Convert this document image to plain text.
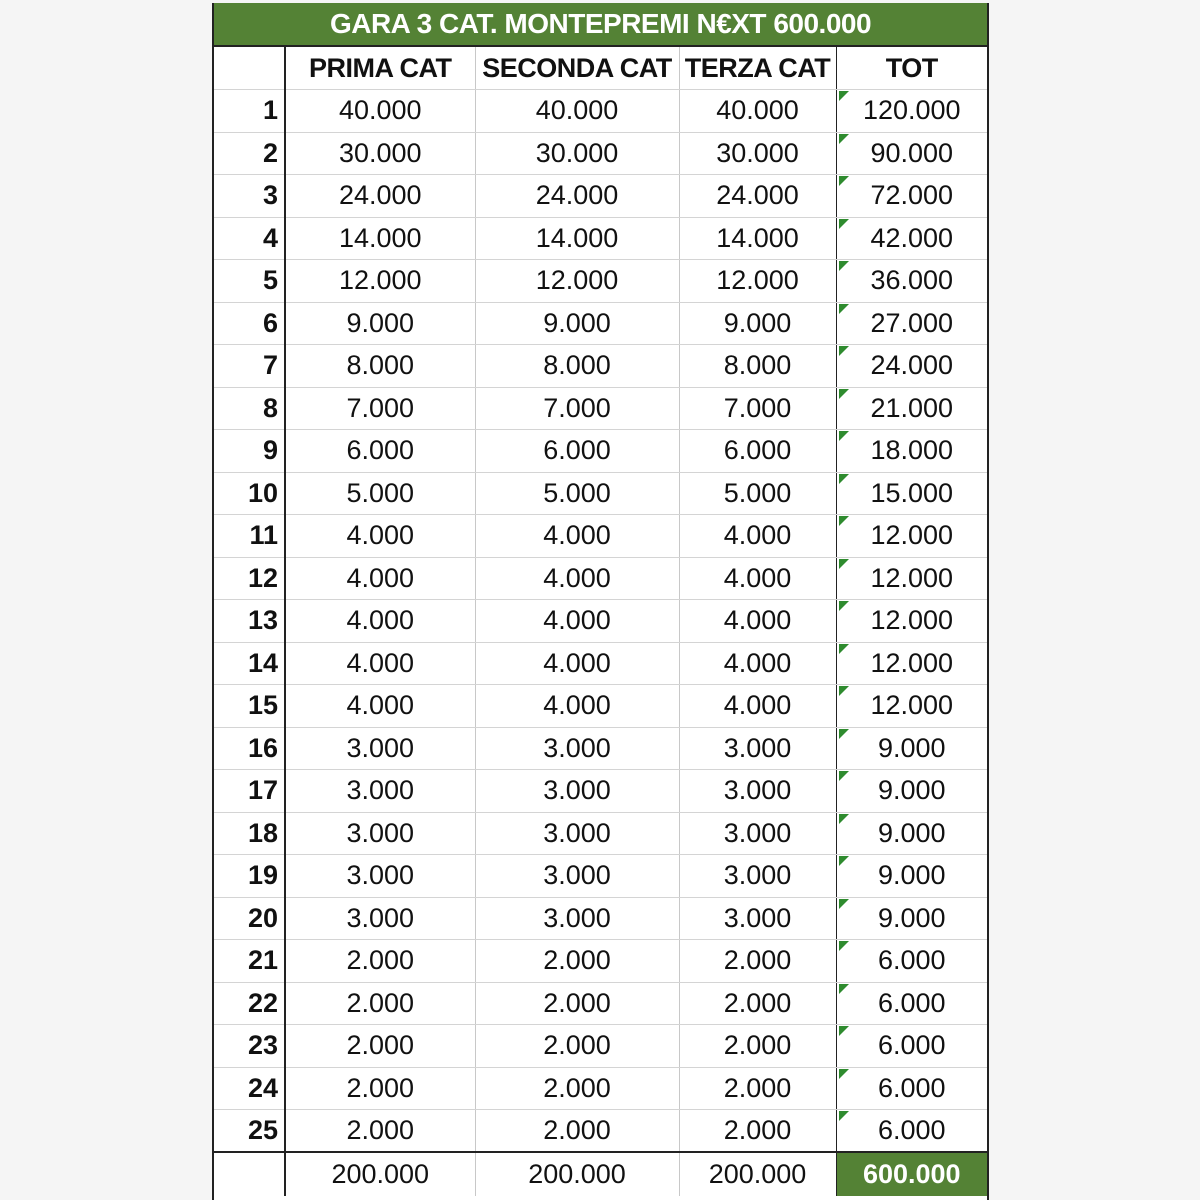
GARA 3 CAT. MONTEPREMI N€XT 600.000
	PRIMA CAT	SECONDA CAT	TERZA CAT	TOT
1	40.000	40.000	40.000	120.000
2	30.000	30.000	30.000	90.000
3	24.000	24.000	24.000	72.000
4	14.000	14.000	14.000	42.000
5	12.000	12.000	12.000	36.000
6	9.000	9.000	9.000	27.000
7	8.000	8.000	8.000	24.000
8	7.000	7.000	7.000	21.000
9	6.000	6.000	6.000	18.000
10	5.000	5.000	5.000	15.000
11	4.000	4.000	4.000	12.000
12	4.000	4.000	4.000	12.000
13	4.000	4.000	4.000	12.000
14	4.000	4.000	4.000	12.000
15	4.000	4.000	4.000	12.000
16	3.000	3.000	3.000	9.000
17	3.000	3.000	3.000	9.000
18	3.000	3.000	3.000	9.000
19	3.000	3.000	3.000	9.000
20	3.000	3.000	3.000	9.000
21	2.000	2.000	2.000	6.000
22	2.000	2.000	2.000	6.000
23	2.000	2.000	2.000	6.000
24	2.000	2.000	2.000	6.000
25	2.000	2.000	2.000	6.000
	200.000	200.000	200.000	600.000
